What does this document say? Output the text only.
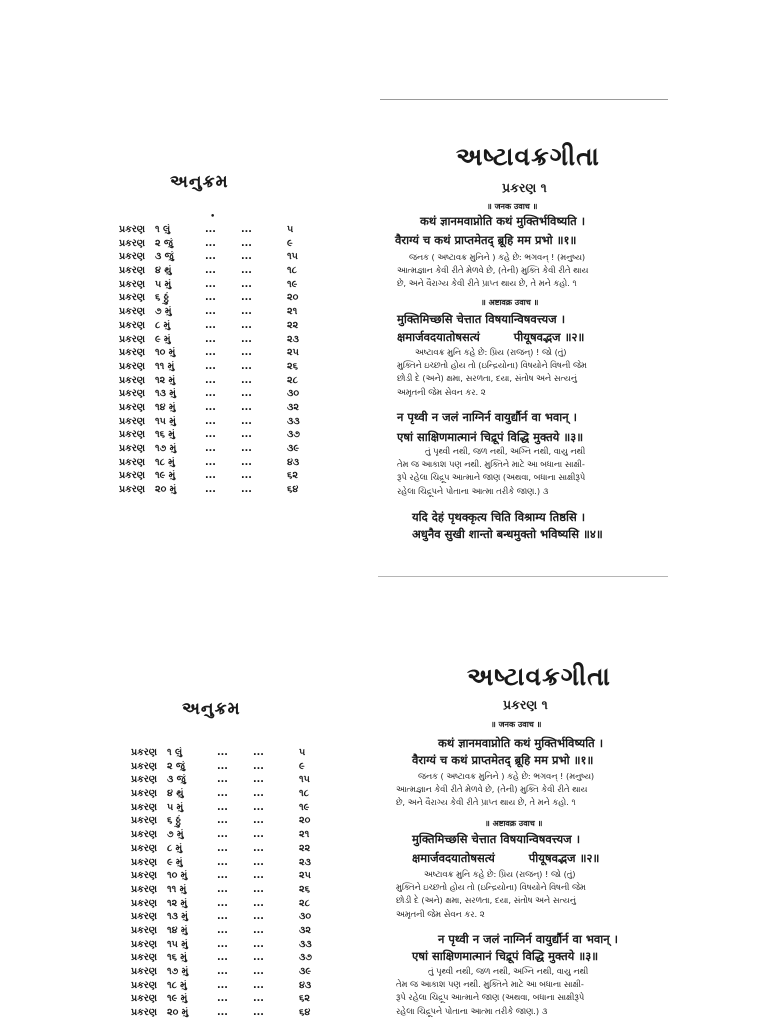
અનુક્રમ
•
પ્રકરણ ૧ લું	...	...	૫
પ્રકરણ ૨ જું	...	...	૯
પ્રકરણ ૩ જું	...	...	૧૫
પ્રકરણ ૪ થું	...	...	૧૮
પ્રકરણ ૫ મું	...	...	૧૯
પ્રકરણ ૬ ઠ્ઠું	...	...	૨૦
પ્રકરણ ૭ મું	...	...	૨૧
પ્રકરણ ૮ મું	...	...	૨૨
પ્રકરણ ૯ મું	...	...	૨૩
પ્રકરણ ૧૦ મું	...	...	૨૫
પ્રકરણ ૧૧ મું	...	...	૨૬
પ્રકરણ ૧૨ મું	...	...	૨૮
પ્રકરણ ૧૩ મું	...	...	૩૦
પ્રકરણ ૧૪ મું	...	...	૩૨
પ્રકરણ ૧૫ મું	...	...	૩૩
પ્રકરણ ૧૬ મું	...	...	૩૭
પ્રકરણ ૧૭ મું	...	...	૩૯
પ્રકરણ ૧૮ મું	...	...	૪૩
પ્રકરણ ૧૯ મું	...	...	૬૨
પ્રકરણ ૨૦ મું	...	...	૬૪
અષ્ટાવક્રગીતા
પ્રકરણ ૧
॥ जनक उवाच ॥
कथं ज्ञानमवाप्नोति कथं मुक्तिर्भविष्यति ।
वैराग्यं च कथं प्राप्तमेतद् ब्रूहि मम प्रभो ॥१॥
જનક ( અષ્ટાવક્ર મુનિને ) કહે છે: ભગવન્ ! (મનુષ્ય)
આત્મજ્ઞાન કેવી રીતે મેળવે છે, (તેની) મુક્તિ કેવી રીતે થાય
છે, અને વૈરાગ્ય કેવી રીતે પ્રાપ્ત થાય છે, તે મને કહો. ૧
॥ अष्टावक्र उवाच ॥
मुक्तिमिच्छसि चेत्तात विषयान्विषवत्त्यज ।
क्षमार्जवदयातोषसत्यं	पीयूषवद्भज ॥२॥
અષ્ટાવક્ર મુનિ કહે છે: પ્રિય (રાજન્) ! જો (તું)
મુક્તિને ઇચ્છતો હોય તો (ઇન્દ્રિયોના) વિષયોને વિષની જેમ
છોડી દે (અને) ક્ષમા, સરળતા, દયા, સંતોષ અને સત્યનું
અમૃતની જેમ સેવન કર. ૨
न पृथ्वी न जलं नाग्निर्न वायुर्द्यौर्न वा भवान् ।
एषां साक्षिणमात्मानं चिद्रूपं विद्धि मुक्तये ॥३॥
તું પૃથ્વી નથી, જળ નથી, અગ્નિ નથી, વાયુ નથી
તેમ જ આકાશ પણ નથી. મુક્તિને માટે આ બધાના સાક્ષી-
રૂપે રહેલા ચિદ્રૂપ આત્માને જાણ (અથવા, બધાના સાક્ષીરૂપે
રહેલા ચિદ્રૂપને પોતાના આત્મા તરીકે જાણ.) ૩
यदि देहं पृथक्कृत्य चिति विश्राम्य तिष्ठसि ।
अधुनैव सुखी शान्तो बन्धमुक्तो भविष्यसि ॥४॥
અનુક્રમ
પ્રકરણ ૧ લું	...	...	૫
પ્રકરણ ૨ જું	...	...	૯
પ્રકરણ ૩ જું	...	...	૧૫
પ્રકરણ ૪ થું	...	...	૧૮
પ્રકરણ ૫ મું	...	...	૧૯
પ્રકરણ ૬ ઠ્ઠું	...	...	૨૦
પ્રકરણ ૭ મું	...	...	૨૧
પ્રકરણ ૮ મું	...	...	૨૨
પ્રકરણ ૯ મું	...	...	૨૩
પ્રકરણ ૧૦ મું	...	...	૨૫
પ્રકરણ ૧૧ મું	...	...	૨૬
પ્રકરણ ૧૨ મું	...	...	૨૮
પ્રકરણ ૧૩ મું	...	...	૩૦
પ્રકરણ ૧૪ મું	...	...	૩૨
પ્રકરણ ૧૫ મું	...	...	૩૩
પ્રકરણ ૧૬ મું	...	...	૩૭
પ્રકરણ ૧૭ મું	...	...	૩૯
પ્રકરણ ૧૮ મું	...	...	૪૩
પ્રકરણ ૧૯ મું	...	...	૬૨
પ્રકરણ ૨૦ મું	...	...	૬૪
અષ્ટાવક્રગીતા
પ્રકરણ ૧
॥ जनक उवाच ॥
कथं ज्ञानमवाप्नोति कथं मुक्तिर्भविष्यति ।
वैराग्यं च कथं प्राप्तमेतद् ब्रूहि मम प्रभो ॥१॥
જનક ( અષ્ટાવક્ર મુનિને ) કહે છે: ભગવન્ ! (મનુષ્ય)
આત્મજ્ઞાન કેવી રીતે મેળવે છે, (તેની) મુક્તિ કેવી રીતે થાય
છે, અને વૈરાગ્ય કેવી રીતે પ્રાપ્ત થાય છે, તે મને કહો. ૧
॥ अष्टावक्र उवाच ॥
मुक्तिमिच्छसि चेत्तात विषयान्विषवत्त्यज ।
क्षमार्जवदयातोषसत्यं	पीयूषवद्भज ॥२॥
અષ્ટાવક્ર મુનિ કહે છે: પ્રિય (રાજન્) ! જો (તું)
મુક્તિને ઇચ્છતો હોય તો (ઇન્દ્રિયોના) વિષયોને વિષની જેમ
છોડી દે (અને) ક્ષમા, સરળતા, દયા, સંતોષ અને સત્યનું
અમૃતની જેમ સેવન કર. ૨
न पृथ्वी न जलं नाग्निर्न वायुर्द्यौर्न वा भवान् ।
एषां साक्षिणमात्मानं चिद्रूपं विद्धि मुक्तये ॥३॥
તું પૃથ્વી નથી, જળ નથી, અગ્નિ નથી, વાયુ નથી
તેમ જ આકાશ પણ નથી. મુક્તિને માટે આ બધાના સાક્ષી-
રૂપે રહેલા ચિદ્રૂપ આત્માને જાણ (અથવા, બધાના સાક્ષીરૂપે
રહેલા ચિદ્રૂપને પોતાના આત્મા તરીકે જાણ.) ૩
